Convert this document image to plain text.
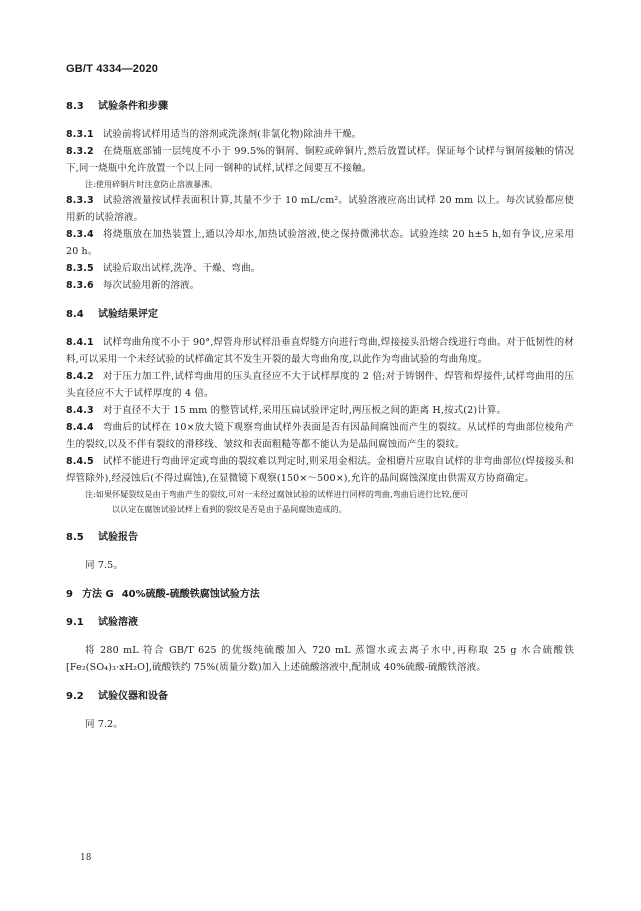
GB/T 4334—2020
8.3 试验条件和步骤
8.3.1 试验前将试样用适当的溶剂或洗涤剂(非氯化物)除油并干燥。
8.3.2 在烧瓶底部铺一层纯度不小于 99.5%的铜屑、铜粒或碎铜片,然后放置试样。保证每个试样与铜屑接触的情况下,同一烧瓶中允许放置一个以上同一钢种的试样,试样之间要互不接触。
注:使用碎铜片时注意防止溶液暴沸。
8.3.3 试验溶液量按试样表面积计算,其量不少于 10 mL/cm²。试验溶液应高出试样 20 mm 以上。每次试验都应使用新的试验溶液。
8.3.4 将烧瓶放在加热装置上,通以冷却水,加热试验溶液,使之保持微沸状态。试验连续 20 h±5 h,如有争议,应采用 20 h。
8.3.5 试验后取出试样,洗净、干燥、弯曲。
8.3.6 每次试验用新的溶液。
8.4 试验结果评定
8.4.1 试样弯曲角度不小于 90°,焊管舟形试样沿垂直焊缝方向进行弯曲,焊接接头沿熔合线进行弯曲。对于低韧性的材料,可以采用一个未经试验的试样确定其不发生开裂的最大弯曲角度,以此作为弯曲试验的弯曲角度。
8.4.2 对于压力加工件,试样弯曲用的压头直径应不大于试样厚度的 2 倍;对于铸钢件、焊管和焊接件,试样弯曲用的压头直径应不大于试样厚度的 4 倍。
8.4.3 对于直径不大于 15 mm 的整管试样,采用压扁试验评定时,两压板之间的距离 H,按式(2)计算。
8.4.4 弯曲后的试样在 10×放大镜下观察弯曲试样外表面是否有因晶间腐蚀而产生的裂纹。从试样的弯曲部位棱角产生的裂纹,以及不伴有裂纹的滑移线、皱纹和表面粗糙等都不能认为是晶间腐蚀而产生的裂纹。
8.4.5 试样不能进行弯曲评定或弯曲的裂纹难以判定时,则采用金相法。金相磨片应取自试样的非弯曲部位(焊接接头和焊管除外),经浸蚀后(不得过腐蚀),在显微镜下观察(150×～500×),允许的晶间腐蚀深度由供需双方协商确定。
注:如果怀疑裂纹是由于弯曲产生的裂纹,可对一未经过腐蚀试验的试样进行同样的弯曲,弯曲后进行比较,便可
以认定在腐蚀试验试样上看到的裂纹是否是由于晶间腐蚀造成的。
8.5 试验报告
同 7.5。
9 方法 G 40%硫酸-硫酸铁腐蚀试验方法
9.1 试验溶液
将 280 mL 符合 GB/T 625 的优级纯硫酸加入 720 mL 蒸馏水或去离子水中,再称取 25 g 水合硫酸铁[Fe₂(SO₄)₃·xH₂O],硫酸铁约 75%(质量分数)加入上述硫酸溶液中,配制成 40%硫酸-硫酸铁溶液。
9.2 试验仪器和设备
同 7.2。
18
